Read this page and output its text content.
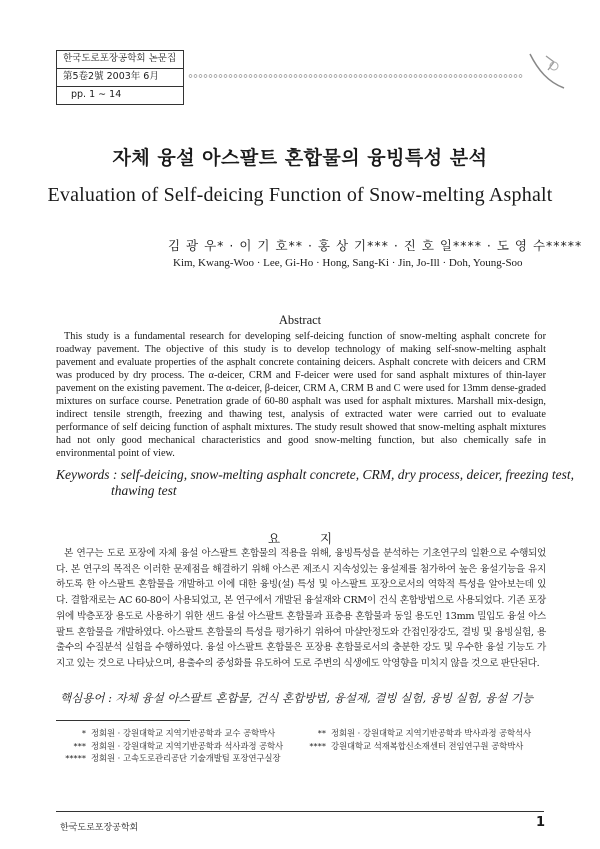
한국도로포장공학회 논문집
第5卷2號 2003年 6月
pp. 1 ∼ 14
자체 융설 아스팔트 혼합물의 융빙특성 분석
Evaluation of Self-deicing Function of Snow-melting Asphalt
김 광 우* · 이 기 호** · 홍 상 기*** · 진 호 일**** · 도 영 수*****
Kim, Kwang-Woo · Lee, Gi-Ho · Hong, Sang-Ki · Jin, Jo-Ill · Doh, Young-Soo
Abstract
This study is a fundamental research for developing self-deicing function of snow-melting asphalt concrete for roadway pavement. The objective of this study is to develop technology of making self-snow-melting asphalt pavement and evaluate properties of the asphalt concrete containing deicers. Asphalt concrete with deicers and CRM was produced by dry process. The α-deicer, CRM and F-deicer were used for sand asphalt mixtures of thin-layer pavement on the existing pavement. The α-deicer, β-deicer, CRM A, CRM B and C were used for 13mm dense-graded mixtures on surface course. Penetration grade of 60-80 asphalt was used for asphalt mixtures. Marshall mix-design, indirect tensile strength, freezing and thawing test, analysis of extracted water were carried out to evaluate performance of self deicing function of asphalt mixtures. The study result showed that snow-melting asphalt mixtures had not only good mechanical characteristics and good snow-melting function, but also chemically safe in environmental point of view.
Keywords : self-deicing, snow-melting asphalt concrete, CRM, dry process, deicer, freezing test, thawing test
요 지
본 연구는 도로 포장에 자체 융설 아스팔트 혼합물의 적용을 위해, 융빙특성을 분석하는 기초연구의 일환으로 수행되었다. 본 연구의 목적은 이러한 문제점을 해결하기 위해 아스콘 제조시 지속성있는 융설제를 첨가하여 높은 융설기능을 유지하도록 한 아스팔트 혼합물을 개발하고 이에 대한 융빙(설) 특성 및 아스팔트 포장으로서의 역학적 특성을 알아보는데 있다. 결합재로는 AC 60-80이 사용되었고, 본 연구에서 개발된 융설재와 CRM이 건식 혼합방법으로 사용되었다. 기존 포장위에 박층포장 용도로 사용하기 위한 샌드 융설 아스팔트 혼합물과 표층용 혼합물과 동일 용도인 13mm 밀입도 융설 아스팔트 혼합물을 개발하였다. 아스팔트 혼합물의 특성을 평가하기 위하여 마샬안정도와 간접인장강도, 결빙 및 융빙실험, 용출수의 수질분석 실험을 수행하였다. 융설 아스팔트 혼합물은 포장용 혼합물로서의 충분한 강도 및 우수한 융설 기능도 가지고 있는 것으로 나타났으며, 용출수의 중성화를 유도하여 도로 주변의 식생에도 악영향을 미치지 않을 것으로 판단된다.
핵심용어 : 자체 융설 아스팔트 혼합물, 건식 혼합방법, 융설재, 결빙 실험, 융빙 실험, 융설 기능
* 정회원 · 강원대학교 지역기반공학과 교수 공학박사	** 정회원 · 강원대학교 지역기반공학과 박사과정 공학석사
*** 정회원 · 강원대학교 지역기반공학과 석사과정 공학사	**** 강원대학교 석재복합신소재센터 전임연구원 공학박사
***** 정회원 · 고속도로관리공단 기술개발팀 포장연구실장
한국도로포장공학회	1
